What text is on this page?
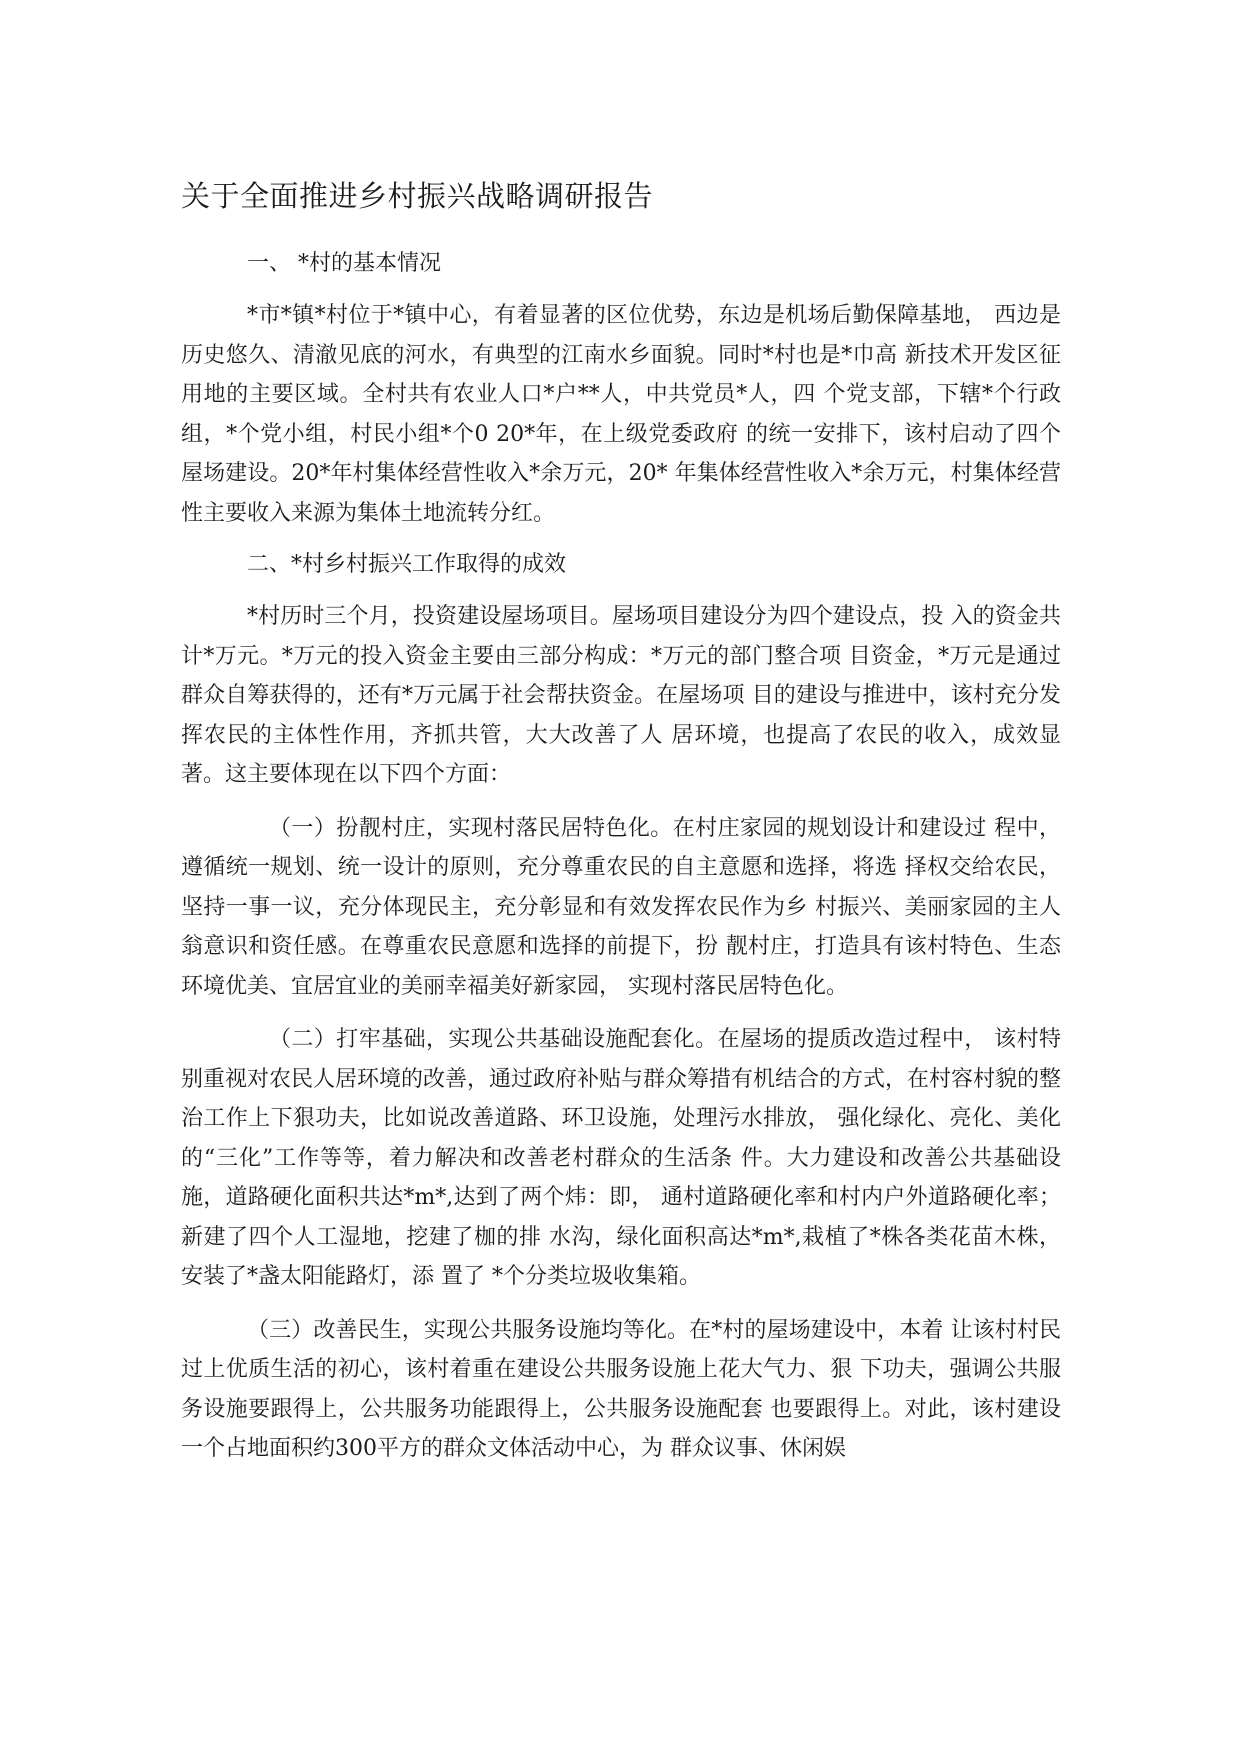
关于全面推进乡村振兴战略调研报告

一、 *村的基本情况

*市*镇*村位于*镇中心，有着显著的区位优势，东边是机场后勤保障基地， 西边是历史悠久、清澈见底的河水，有典型的江南水乡面貌。同时*村也是*巾高 新技术开发区征用地的主要区域。全村共有农业人口*户**人，中共党员*人，四 个党支部，下辖*个行政组，*个党小组，村民小组*个0 20*年，在上级党委政府 的统一安排下，该村启动了四个屋场建设。20*年村集体经营性收入*余万元，20* 年集体经营性收入*余万元，村集体经营性主要收入来源为集体土地流转分红。

二、*村乡村振兴工作取得的成效

*村历时三个月，投资建设屋场项目。屋场项目建设分为四个建设点，投 入的资金共计*万元。*万元的投入资金主要由三部分构成：*万元的部门整合项 目资金，*万元是通过群众自筹获得的，还有*万元属于社会帮扶资金。在屋场项 目的建设与推进中，该村充分发挥农民的主体性作用，齐抓共管，大大改善了人 居环境，也提高了农民的收入，成效显著。这主要体现在以下四个方面：

（一）扮靓村庄，实现村落民居特色化。在村庄家园的规划设计和建设过 程中，遵循统一规划、统一设计的原则，充分尊重农民的自主意愿和选择，将选 择权交给农民，坚持一事一议，充分体现民主，充分彰显和有效发挥农民作为乡 村振兴、美丽家园的主人翁意识和资任感。在尊重农民意愿和选择的前提下，扮 靓村庄，打造具有该村特色、生态环境优美、宜居宜业的美丽幸福美好新家园， 实现村落民居特色化。

（二）打牢基础，实现公共基础设施配套化。在屋场的提质改造过程中， 该村特别重视对农民人居环境的改善，通过政府补贴与群众筹措有机结合的方式，在村容村貌的整治工作上下狠功夫，比如说改善道路、环卫设施，处理污水排放， 强化绿化、亮化、美化的“三化”工作等等，着力解决和改善老村群众的生活条 件。大力建设和改善公共基础设施，道路硬化面积共达*m*,达到了两个炜：即， 通村道路硬化率和村内户外道路硬化率；新建了四个人工湿地，挖建了枷的排 水沟，绿化面积高达*m*,栽植了*株各类花苗木株，安装了*盏太阳能路灯，添 置了 *个分类垃圾收集箱。

（三）改善民生，实现公共服务设施均等化。在*村的屋场建设中，本着 让该村村民过上优质生活的初心，该村着重在建设公共服务设施上花大气力、狠 下功夫，强调公共服务设施要跟得上，公共服务功能跟得上，公共服务设施配套 也要跟得上。对此，该村建设一个占地面积约300平方的群众文体活动中心，为 群众议事、休闲娱
